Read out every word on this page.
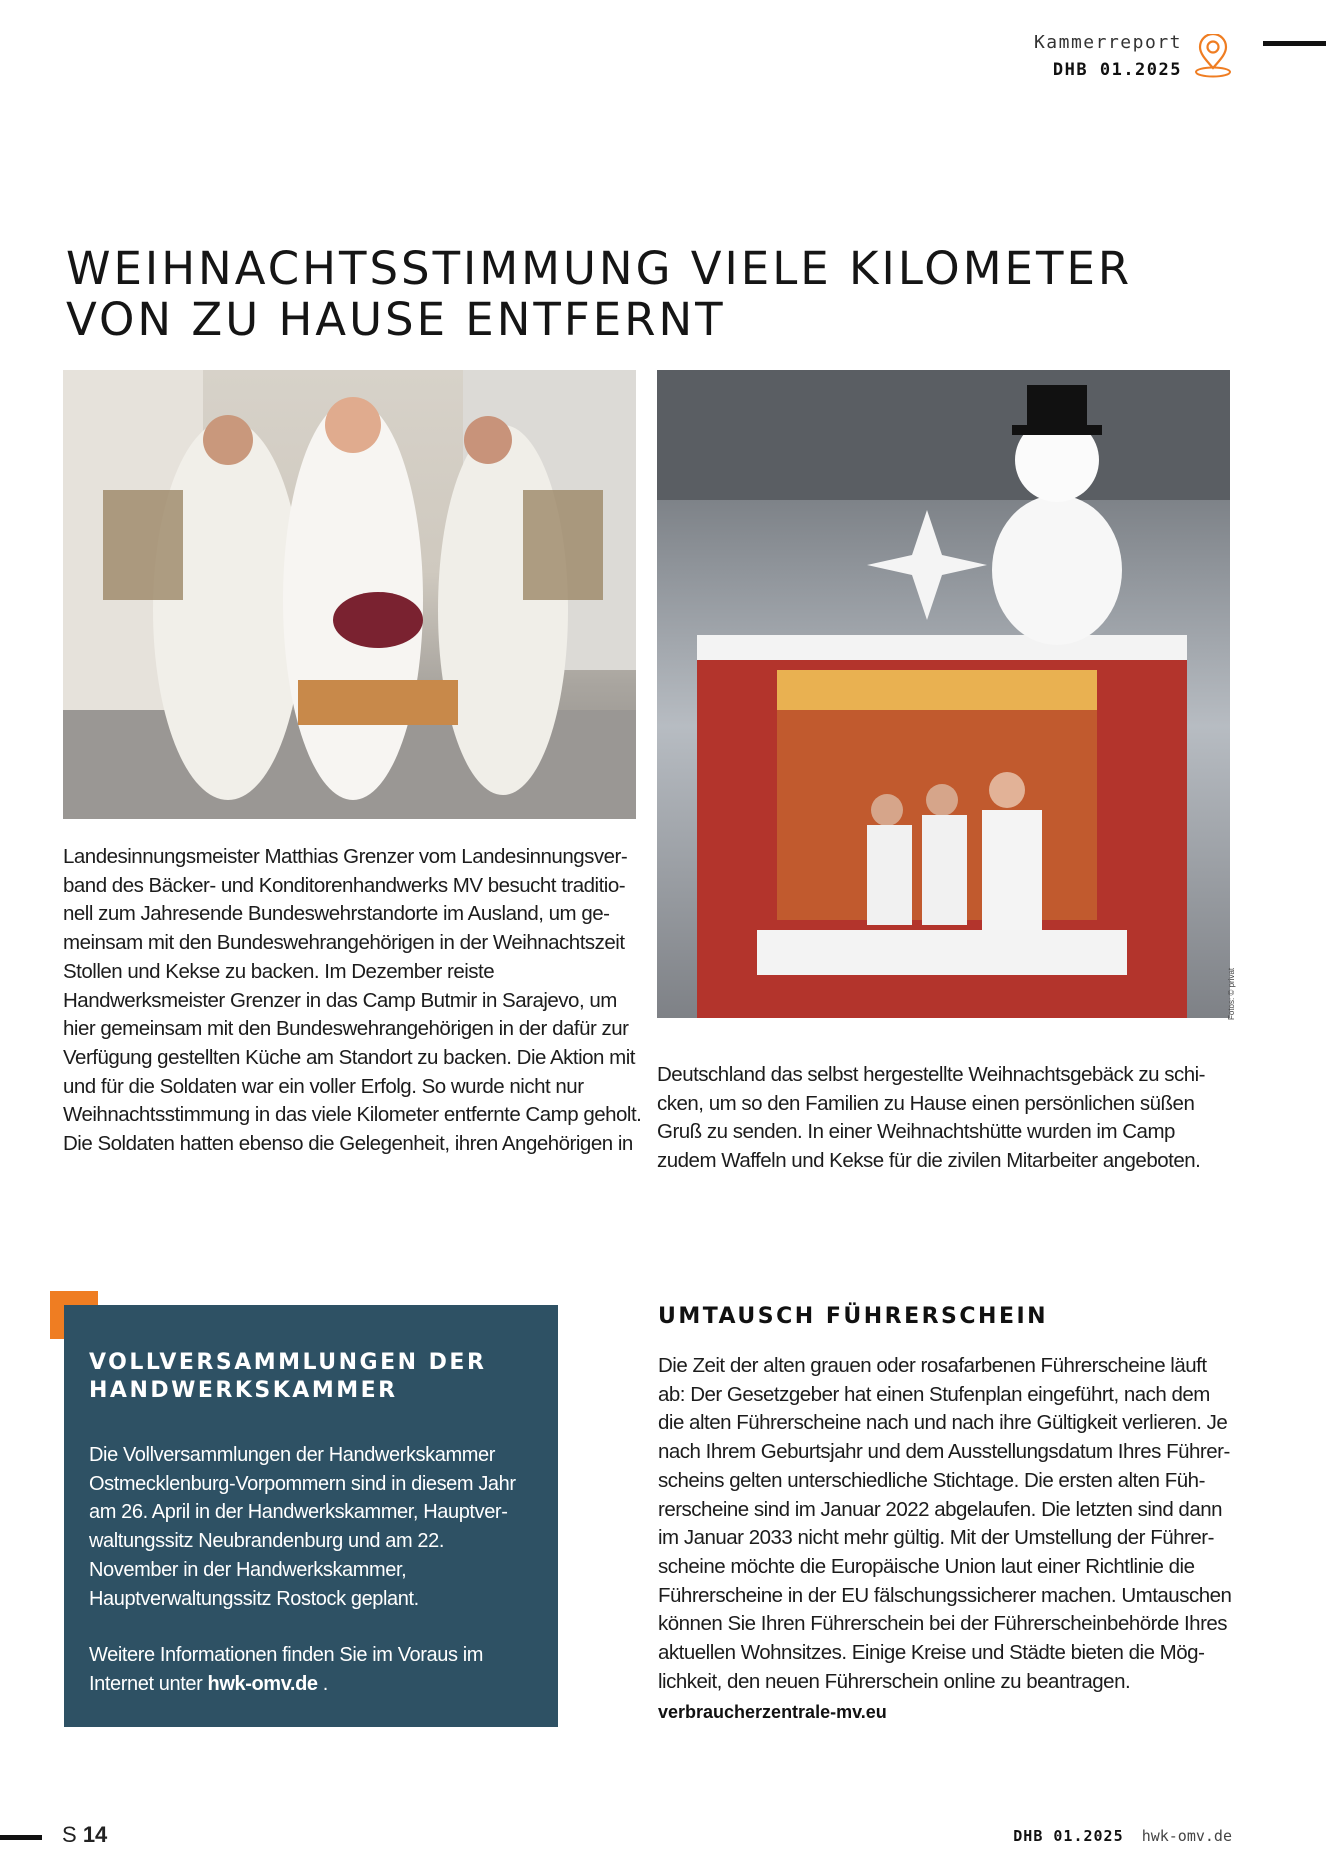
Kammerreport
DHB 01.2025
WEIHNACHTSSTIMMUNG VIELE KILOMETER
VON ZU HAUSE ENTFERNT
Fotos: © privat
Landesinnungsmeister Matthias Grenzer vom Landesinnungsverband des Bäcker- und Konditorenhandwerks MV besucht traditionell zum Jahresende Bundeswehrstandorte im Ausland, um gemeinsam mit den Bundeswehrangehörigen in der Weihnachtszeit Stollen und Kekse zu backen. Im Dezember reiste Handwerksmeister Grenzer in das Camp Butmir in Sarajevo, um hier gemeinsam mit den Bundeswehrangehörigen in der dafür zur Verfügung gestellten Küche am Standort zu backen. Die Aktion mit und für die Soldaten war ein voller Erfolg. So wurde nicht nur Weihnachtsstimmung in das viele Kilometer entfernte Camp geholt. Die Soldaten hatten ebenso die Gelegenheit, ihren Angehörigen in
Deutschland das selbst hergestellte Weihnachtsgebäck zu schicken, um so den Familien zu Hause einen persönlichen süßen Gruß zu senden. In einer Weihnachtshütte wurden im Camp zudem Waffeln und Kekse für die zivilen Mitarbeiter angeboten.
VOLLVERSAMMLUNGEN DER
HANDWERKSKAMMER

Die Vollversammlungen der Handwerkskammer Ostmecklenburg-Vorpommern sind in diesem Jahr am 26. April in der Handwerkskammer, Hauptverwaltungssitz Neubrandenburg und am 22. November in der Handwerkskammer, Hauptverwaltungssitz Rostock geplant.

Weitere Informationen finden Sie im Voraus im Internet unter hwk-omv.de .

UMTAUSCH FÜHRERSCHEIN
Die Zeit der alten grauen oder rosafarbenen Führerscheine läuft ab: Der Gesetzgeber hat einen Stufenplan eingeführt, nach dem die alten Führerscheine nach und nach ihre Gültigkeit verlieren. Je nach Ihrem Geburtsjahr und dem Ausstellungsdatum Ihres Führerscheins gelten unterschiedliche Stichtage. Die ersten alten Führerscheine sind im Januar 2022 abgelaufen. Die letzten sind dann im Januar 2033 nicht mehr gültig. Mit der Umstellung der Führerscheine möchte die Europäische Union laut einer Richtlinie die Führerscheine in der EU fälschungssicherer machen. Umtauschen können Sie Ihren Führerschein bei der Führerscheinbehörde Ihres aktuellen Wohnsitzes. Einige Kreise und Städte bieten die Möglichkeit, den neuen Führerschein online zu beantragen.
verbraucherzentrale-mv.eu
S 14	DHB 01.2025 hwk-omv.de
